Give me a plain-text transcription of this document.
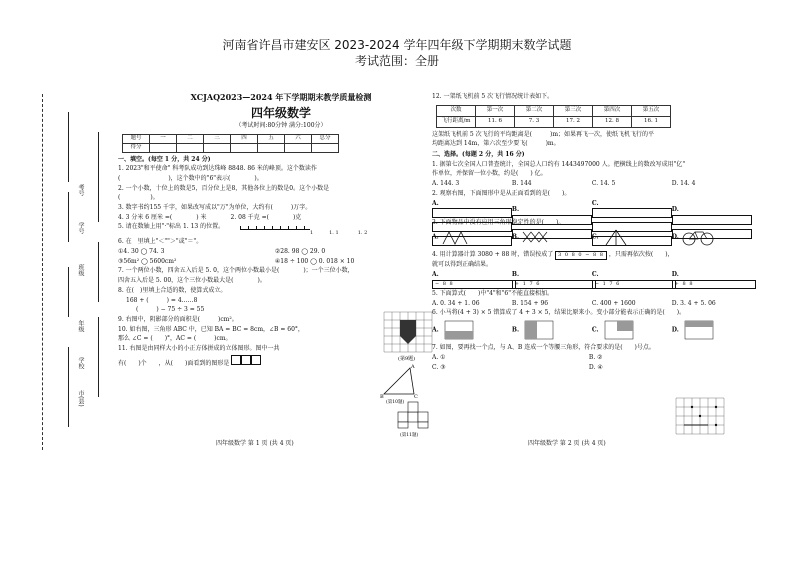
河南省许昌市建安区 2023-2024 学年四年级下学期期末数学试题
考试范围：全册
考号
学号
班级
年级
学校
市(县)
XCJAQ2023—2024 年下学期期末教学质量检测
四年级数学
（考试时间:80分钟 满分:100分）
题号	一	二	三	四	五	六	总分
得分							
一、填空。(每空 1 分，共 24 分)
1. 2023"和平使命" 科考队成功到达珠峰 8848. 86 米的峰顶。这个数读作
(　　　　　　　　)，这个数中的"6"表示(　　　　)。
2. 一个小数，十位上的数是5，百分位上是8，其他各位上的数是0。这个小数是
(　　　　　)。
3. 数字书约155 千字，如果改写成以"万"为单位，大约有(　　　)万字。
4. 3 分米 6 厘米 =(　　　　) 米　　　　2. 08 千克 =(　　　　)克
5. 请在数轴上用"·"标出 1. 13 的位置。
1	1. 1	1. 2
6. 在　里填上"＜""＞"或"＝"。
①4. 30 ◯ 74. 3	②28. 98 ◯ 29. 0
③56m² ◯ 5600cm²	④18 ÷ 100 ◯ 0. 018 × 10
7. 一个两位小数，四舍五入后是 5. 0，这个两位小数最小是(　　　　)；一个三位小数，
四舍五入后是 5. 00，这个三位小数最大是(　　　　)。
8. 在(　)里填上合适的数，使算式成立。
168 + (　　　) = 4……8
(　　　) − 75 ÷ 3 = 55
9. 右图中，阴影部分的面积是(　　　)cm²。
10. 如右图，三角形 ABC 中，已知 BA = BC = 8cm，∠B = 60°，
那么 ∠C = (　　)°，AC = (　　　)cm。
11. 右图是由同样大小的小正方体拼成的立体图形。图中一共
有(　　)个　　，从(　　)面看到的图形是
(第9题)
A
B	C
(第10题)
(第11题)
四年级数学 第 1 页 (共 4 页)
12. 一架纸飞机前 5 次飞行情况统计表如下。
次数	第一次	第二次	第三次	第四次	第五次
飞行距离/m	11. 6	7. 3	17. 2	12. 8	16. 1
这架纸飞机前 5 次飞行的平均距离是(　　　)m；如果再飞一次，使纸飞机飞行的平
均距离达到 14m，第六次至少要飞(　　　)m。
二、选择。(每题 2 分，共 16 分)
1. 据第七次全国人口普查统计，全国总人口约有 1443497000 人。把横线上的数改写成用"亿"
作单位，并保留一位小数，约是(　　) 亿。
A. 144. 3	B. 144	C. 14. 5	D. 14. 4
2. 观察右图，下面图形中是从正面看到的是(　　)。
A.  B.  C.  D.
3. 下面物品中没有应用三角形稳定性的是(　　)。
A.	B.	C.	D.
4. 用计算器计算 3080 + 88 时，错误按成了 3 0 8 0 − 8 8 ，只需再依次按(　　)，
就可以得到正确结果。
A. − 8 8 B. + 1 7 6 C. − 1 7 6 D. + 8 8
5. 下面算式(　　)中"4"和"6"不能直接相加。
A. 0. 34 + 1. 06	B. 154 + 96	C. 400 + 1600	D. 3. 4 + 5. 06
6. 小马将(4 + 3) × 5 错算成了 4 + 3 × 5，结果比原来小。变小部分能表示正确的是(　　)。
A.	B.	C.	D.
7. 如图，要再找一个点，与 A、B 连成一个等腰三角形，符合要求的是(　　)号点。
A. ①	B. ②
C. ③	D. ④
四年级数学 第 2 页 (共 4 页)
